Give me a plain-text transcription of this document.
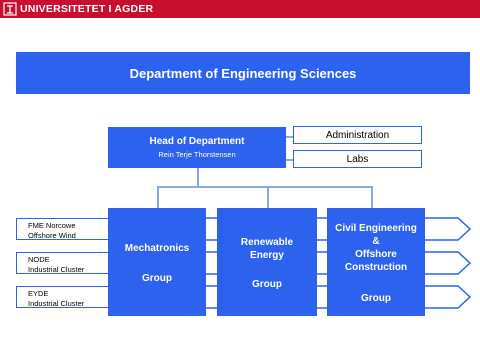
UNIVERSITETET I AGDER
Department of Engineering Sciences
Head of Department
Rein Terje Thorstensen
Administration
Labs
FME Norcowe
Offshore Wind
NODE
Industrial Cluster
EYDE
Industrial Cluster
Mechatronics
Group
Renewable
Energy
Group
Civil Engineering
&
Offshore
Construction
Group
